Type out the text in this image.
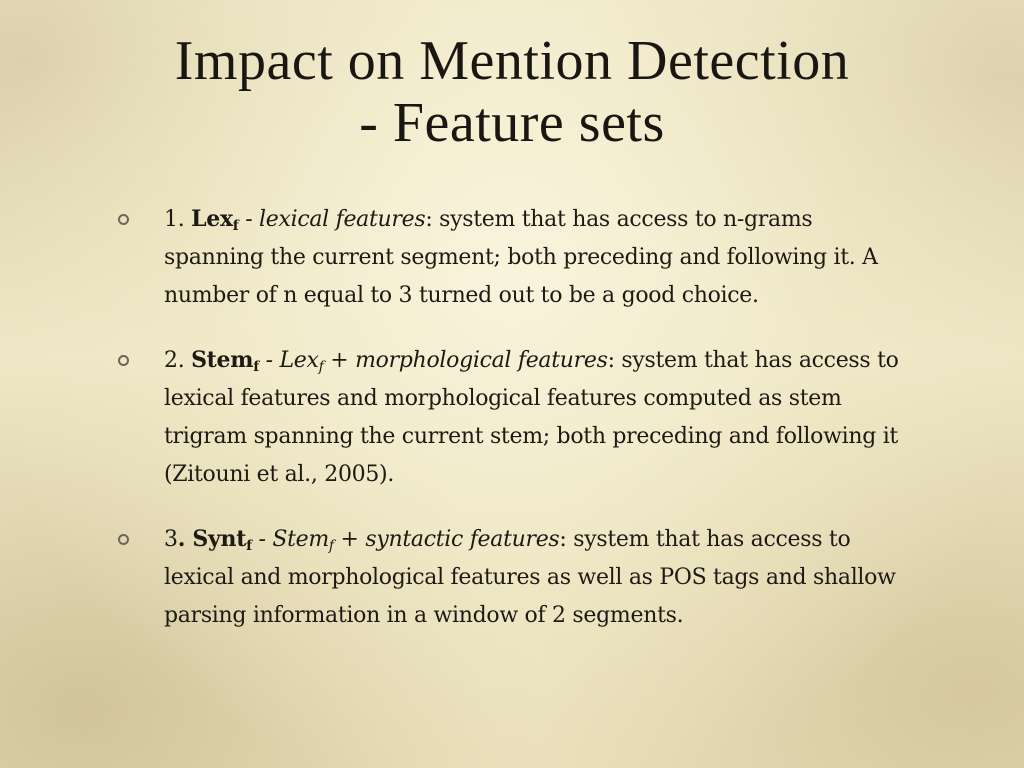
Impact on Mention Detection
- Feature sets
1. Lex$_f$ - lexical features: system that has access to n-grams spanning the current segment; both preceding and following it. A number of n equal to 3 turned out to be a good choice.
2. Stem$_f$ - Lex$_f$ + morphological features: system that has access to lexical features and morphological features computed as stem trigram spanning the current stem; both preceding and following it (Zitouni et al., 2005).
3. Synt$_f$ - Stem$_f$ + syntactic features: system that has access to lexical and morphological features as well as POS tags and shallow parsing information in a window of 2 segments.
